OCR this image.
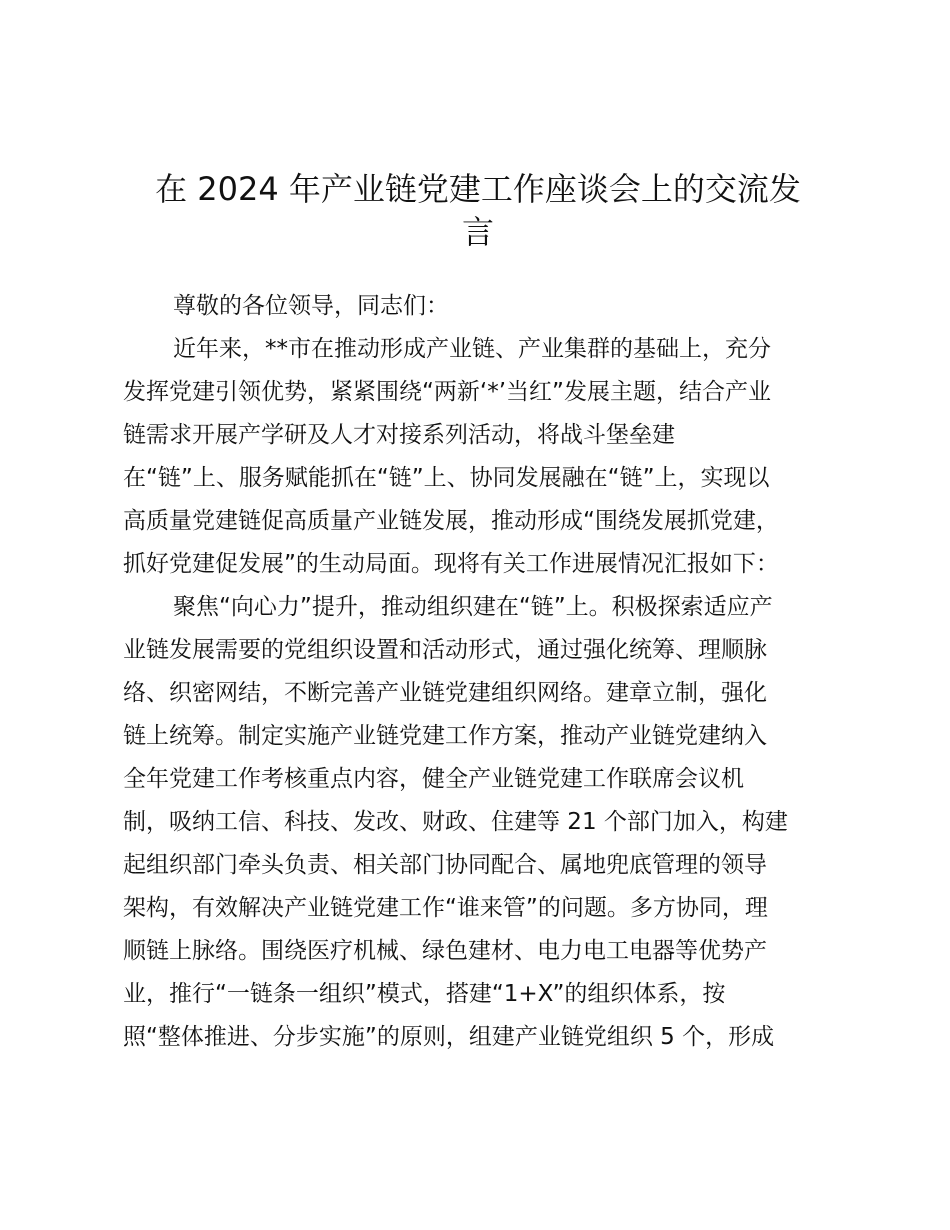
在 2024 年产业链党建工作座谈会上的交流发
言
尊敬的各位领导，同志们：
近年来，**市在推动形成产业链、产业集群的基础上，充分
发挥党建引领优势，紧紧围绕“两新‘*’当红”发展主题，结合产业
链需求开展产学研及人才对接系列活动，将战斗堡垒建
在“链”上、服务赋能抓在“链”上、协同发展融在“链”上，实现以
高质量党建链促高质量产业链发展，推动形成“围绕发展抓党建，
抓好党建促发展”的生动局面。现将有关工作进展情况汇报如下：
聚焦“向心力”提升，推动组织建在“链”上。积极探索适应产
业链发展需要的党组织设置和活动形式，通过强化统筹、理顺脉
络、织密网结，不断完善产业链党建组织网络。建章立制，强化
链上统筹。制定实施产业链党建工作方案，推动产业链党建纳入
全年党建工作考核重点内容，健全产业链党建工作联席会议机
制，吸纳工信、科技、发改、财政、住建等 21 个部门加入，构建
起组织部门牵头负责、相关部门协同配合、属地兜底管理的领导
架构，有效解决产业链党建工作“谁来管”的问题。多方协同，理
顺链上脉络。围绕医疗机械、绿色建材、电力电工电器等优势产
业，推行“一链条一组织”模式，搭建“1+X”的组织体系，按
照“整体推进、分步实施”的原则，组建产业链党组织 5 个，形成
